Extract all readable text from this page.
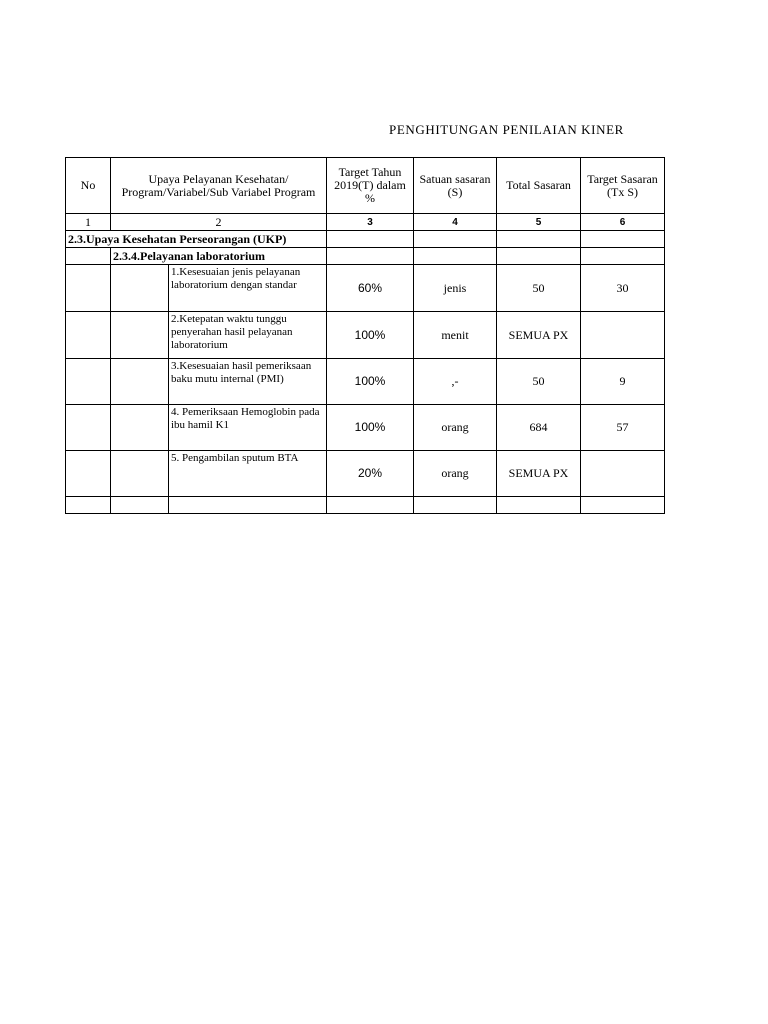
PENGHITUNGAN PENILAIAN KINER
No	Upaya Pelayanan Kesehatan/ Program/Variabel/Sub Variabel Program		Target Tahun 2019(T) dalam %	Satuan sasaran (S)	Total Sasaran	Target Sasaran (Tx S)
1	2		3	4	5	6
2.3.Upaya Kesehatan Perseorangan (UKP)						
	2.3.4.Pelayanan laboratorium					
		1.Kesesuaian jenis pelayanan laboratorium dengan standar	60%	jenis	50	30
		2.Ketepatan waktu tunggu penyerahan hasil pelayanan laboratorium	100%	menit	SEMUA PX	
		3.Kesesuaian hasil pemeriksaan baku mutu internal (PMI)	100%	,-	50	9
		4. Pemeriksaan Hemoglobin pada ibu hamil K1	100%	orang	684	57
		5. Pengambilan sputum BTA	20%	orang	SEMUA PX	
